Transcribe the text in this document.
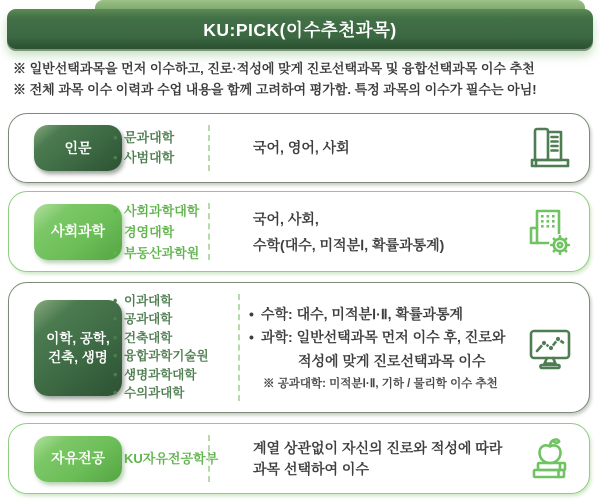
KU:PICK(이수추천과목)
※ 일반선택과목을 먼저 이수하고, 진로·적성에 맞게 진로선택과목 및 융합선택과목 이수 추천
※ 전체 과목 이수 이력과 수업 내용을 함께 고려하여 평가함. 특정 과목의 이수가 필수는 아님!
인문
• 문과대학
• 사범대학
국어, 영어, 사회
사회과학
• 사회과학대학
• 경영대학
• 부동산과학원
국어, 사회,
수학(대수, 미적분Ⅰ, 확률과통계)
이학, 공학,
건축, 생명
• 이과대학
• 공과대학
• 건축대학
• 융합과학기술원
• 생명과학대학
• 수의과대학
• 수학: 대수, 미적분Ⅰ·Ⅱ, 확률과통계
• 과학: 일반선택과목 먼저 이수 후, 진로와
적성에 맞게 진로선택과목 이수
※ 공과대학: 미적분Ⅰ·Ⅱ, 기하 / 물리학 이수 추천
자유전공	• KU자유전공학부
계열 상관없이 자신의 진로와 적성에 따라
과목 선택하여 이수
